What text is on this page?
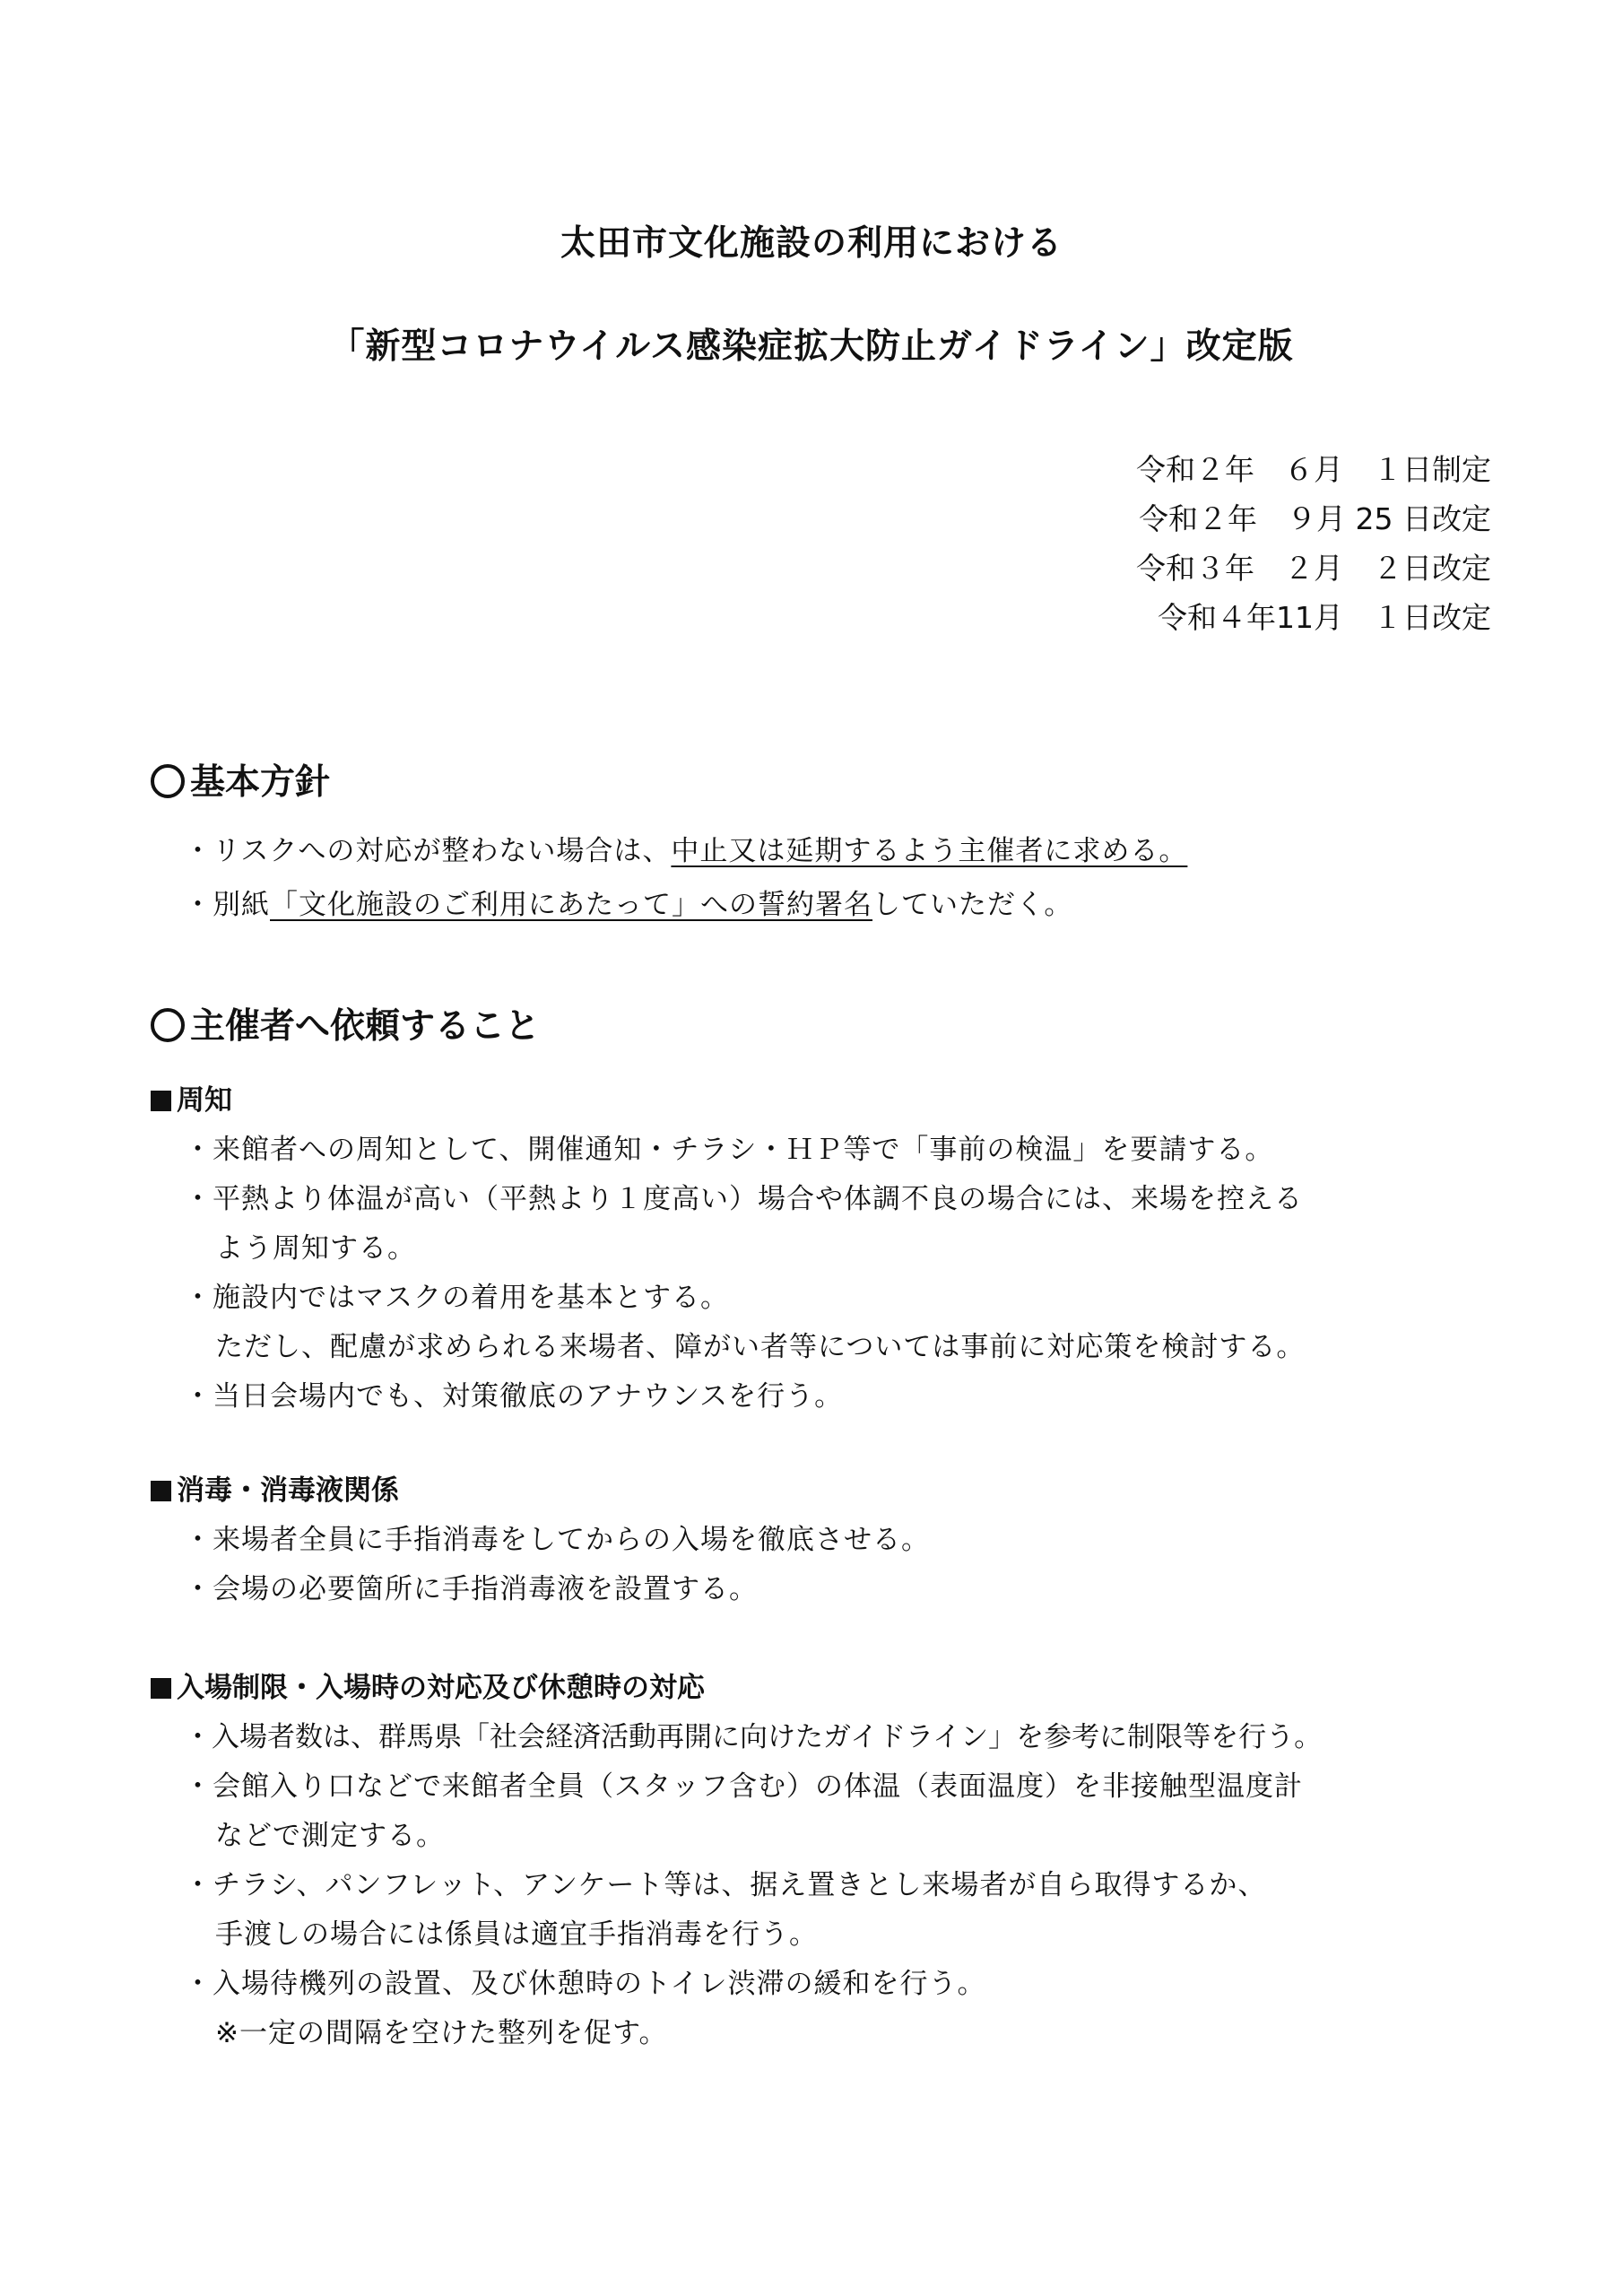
太田市文化施設の利用における
「新型コロナウイルス感染症拡大防止ガイドライン」改定版
令和２年　６月　１日制定
令和２年　９月 25 日改定
令和３年　２月　２日改定
令和４年11月　１日改定
基本方針
・リスクへの対応が整わない場合は、中止又は延期するよう主催者に求める。
・別紙「文化施設のご利用にあたって」への誓約署名していただく。
主催者へ依頼すること
周知
・来館者への周知として、開催通知・チラシ・ＨＰ等で「事前の検温」を要請する。
・平熱より体温が高い（平熱より１度高い）場合や体調不良の場合には、来場を控える
よう周知する。
・施設内ではマスクの着用を基本とする。
ただし、配慮が求められる来場者、障がい者等については事前に対応策を検討する。
・当日会場内でも、対策徹底のアナウンスを行う。
消毒・消毒液関係
・来場者全員に手指消毒をしてからの入場を徹底させる。
・会場の必要箇所に手指消毒液を設置する。
入場制限・入場時の対応及び休憩時の対応
・入場者数は、群馬県「社会経済活動再開に向けたガイドライン」を参考に制限等を行う。
・会館入り口などで来館者全員（スタッフ含む）の体温（表面温度）を非接触型温度計
などで測定する。
・チラシ、パンフレット、アンケート等は、据え置きとし来場者が自ら取得するか、
手渡しの場合には係員は適宜手指消毒を行う。
・入場待機列の設置、及び休憩時のトイレ渋滞の緩和を行う。
※一定の間隔を空けた整列を促す。
